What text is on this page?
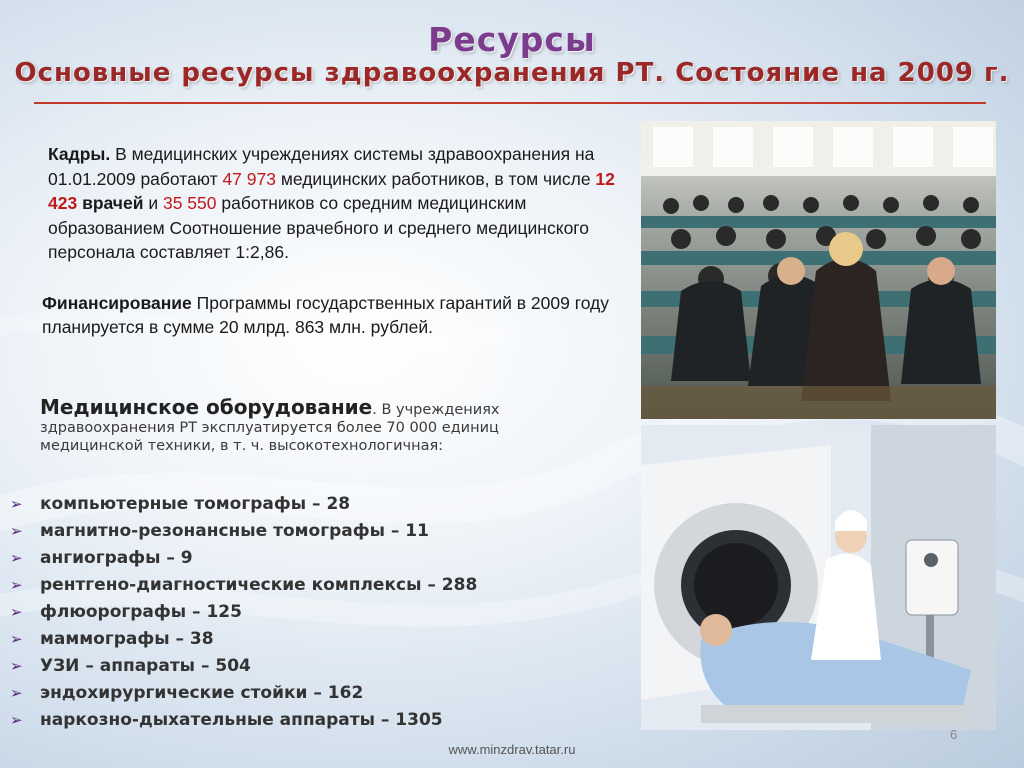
Ресурсы
Основные ресурсы здравоохранения РТ. Состояние на 2009 г.

Кадры. В медицинских учреждениях системы здравоохранения на 01.01.2009 работают 47 973 медицинских работников, в том числе 12 423 врачей и 35 550 работников со средним медицинским образованием Соотношение врачебного и среднего медицинского персонала составляет 1:2,86.

Финансирование Программы государственных гарантий в 2009 году планируется в сумме 20 млрд. 863 млн. рублей.

Медицинское оборудование. В учреждениях здравоохранения РТ эксплуатируется более 70 000 единиц медицинской техники, в т. ч. высокотехнологичная:

➢	компьютерные томографы – 28
➢	магнитно-резонансные томографы – 11
➢	ангиографы – 9
➢	рентгено-диагностические комплексы – 288
➢	флюорографы – 125
➢	маммографы – 38
➢	УЗИ – аппараты – 504
➢	эндохирургические стойки – 162
➢	наркозно-дыхательные аппараты – 1305
www.minzdrav.tatar.ru
6
